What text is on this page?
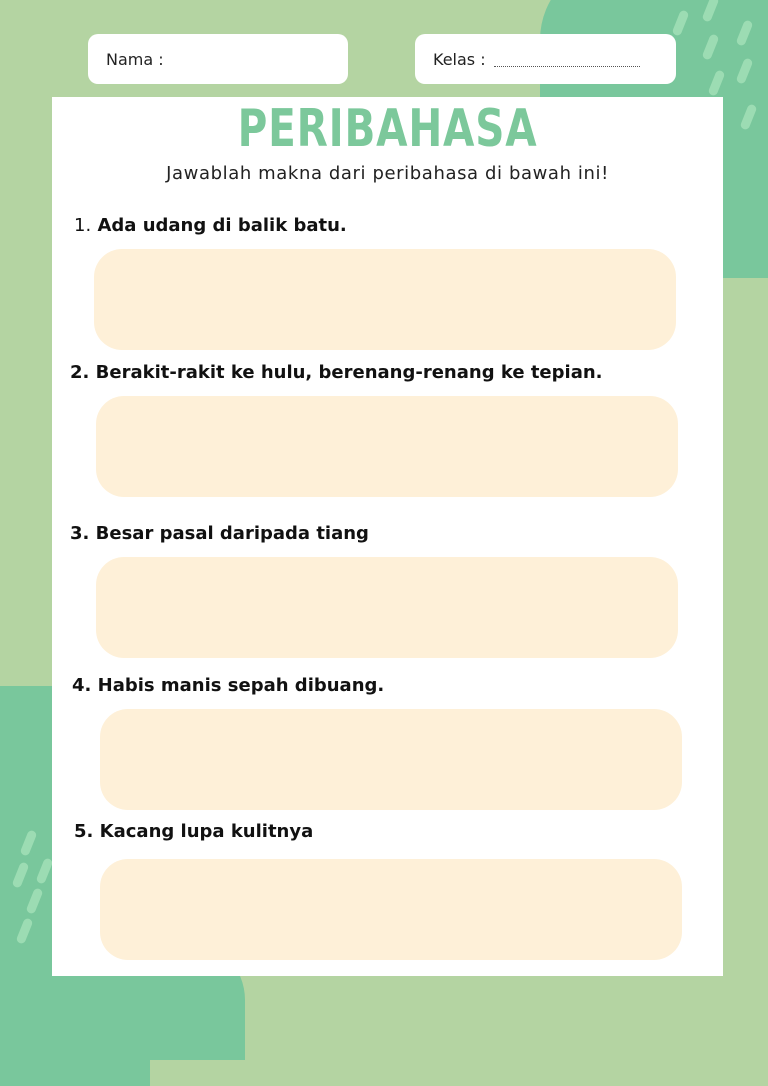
Nama :	Kelas :
PERIBAHASA
Jawablah makna dari peribahasa di bawah ini!
1. Ada udang di balik batu.
2. Berakit-rakit ke hulu, berenang-renang ke tepian.
3. Besar pasal daripada tiang
4. Habis manis sepah dibuang.
5. Kacang lupa kulitnya
